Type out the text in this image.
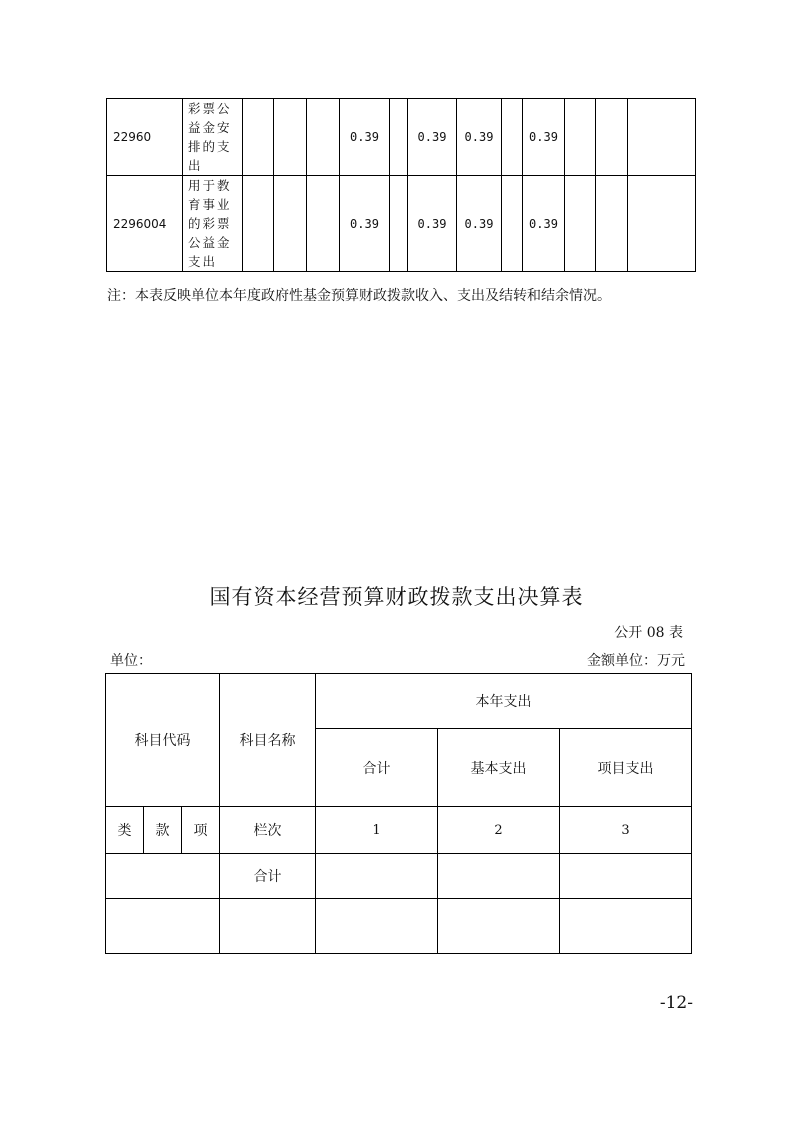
22960	彩票公益金安排的支出				0.39		0.39	0.39		0.39			
2296004	用于教育事业的彩票公益金支出				0.39		0.39	0.39		0.39			
注：本表反映单位本年度政府性基金预算财政拨款收入、支出及结转和结余情况。
国有资本经营预算财政拨款支出决算表
公开 08 表
单位：	金额单位：万元
科目代码			科目名称	本年支出		
				合计	基本支出	项目支出
类	款	项	栏次	1	2	3
			合计			

-12-
